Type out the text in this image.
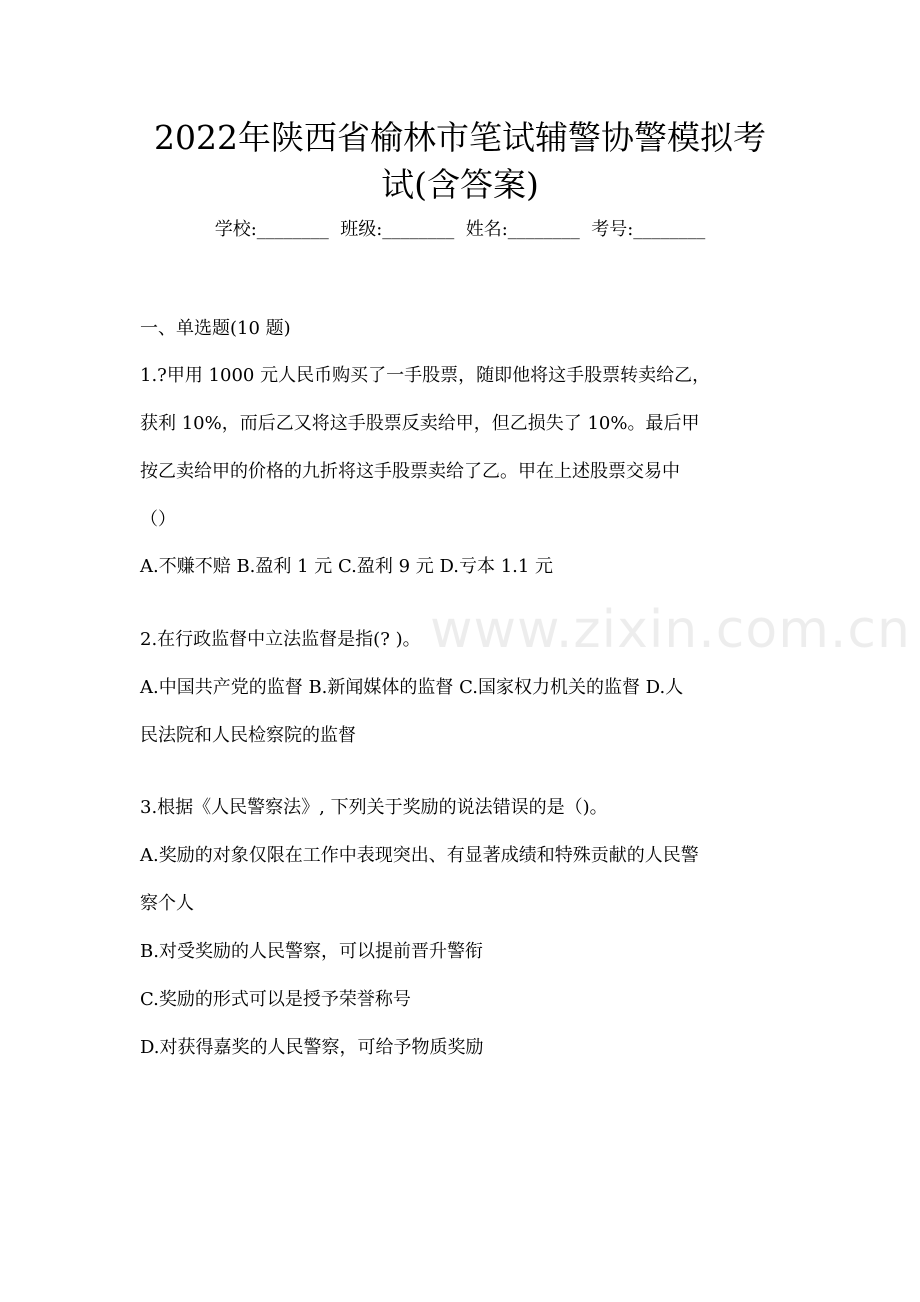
2022年陕西省榆林市笔试辅警协警模拟考
试(含答案)
学校:________  班级:________  姓名:________  考号:________
一、单选题(10 题)
1.?甲用 1000 元人民币购买了一手股票，随即他将这手股票转卖给乙，
获利 10%，而后乙又将这手股票反卖给甲，但乙损失了 10%。最后甲
按乙卖给甲的价格的九折将这手股票卖给了乙。甲在上述股票交易中
（）
A.不赚不赔 B.盈利 1 元 C.盈利 9 元 D.亏本 1.1 元
2.在行政监督中立法监督是指(? )。
A.中国共产党的监督 B.新闻媒体的监督 C.国家权力机关的监督 D.人
民法院和人民检察院的监督
3.根据《人民警察法》, 下列关于奖励的说法错误的是（)。
A.奖励的对象仅限在工作中表现突出、有显著成绩和特殊贡献的人民警
察个人
B.对受奖励的人民警察，可以提前晋升警衔
C.奖励的形式可以是授予荣誉称号
D.对获得嘉奖的人民警察，可给予物质奖励
www.zixin.com.cn
